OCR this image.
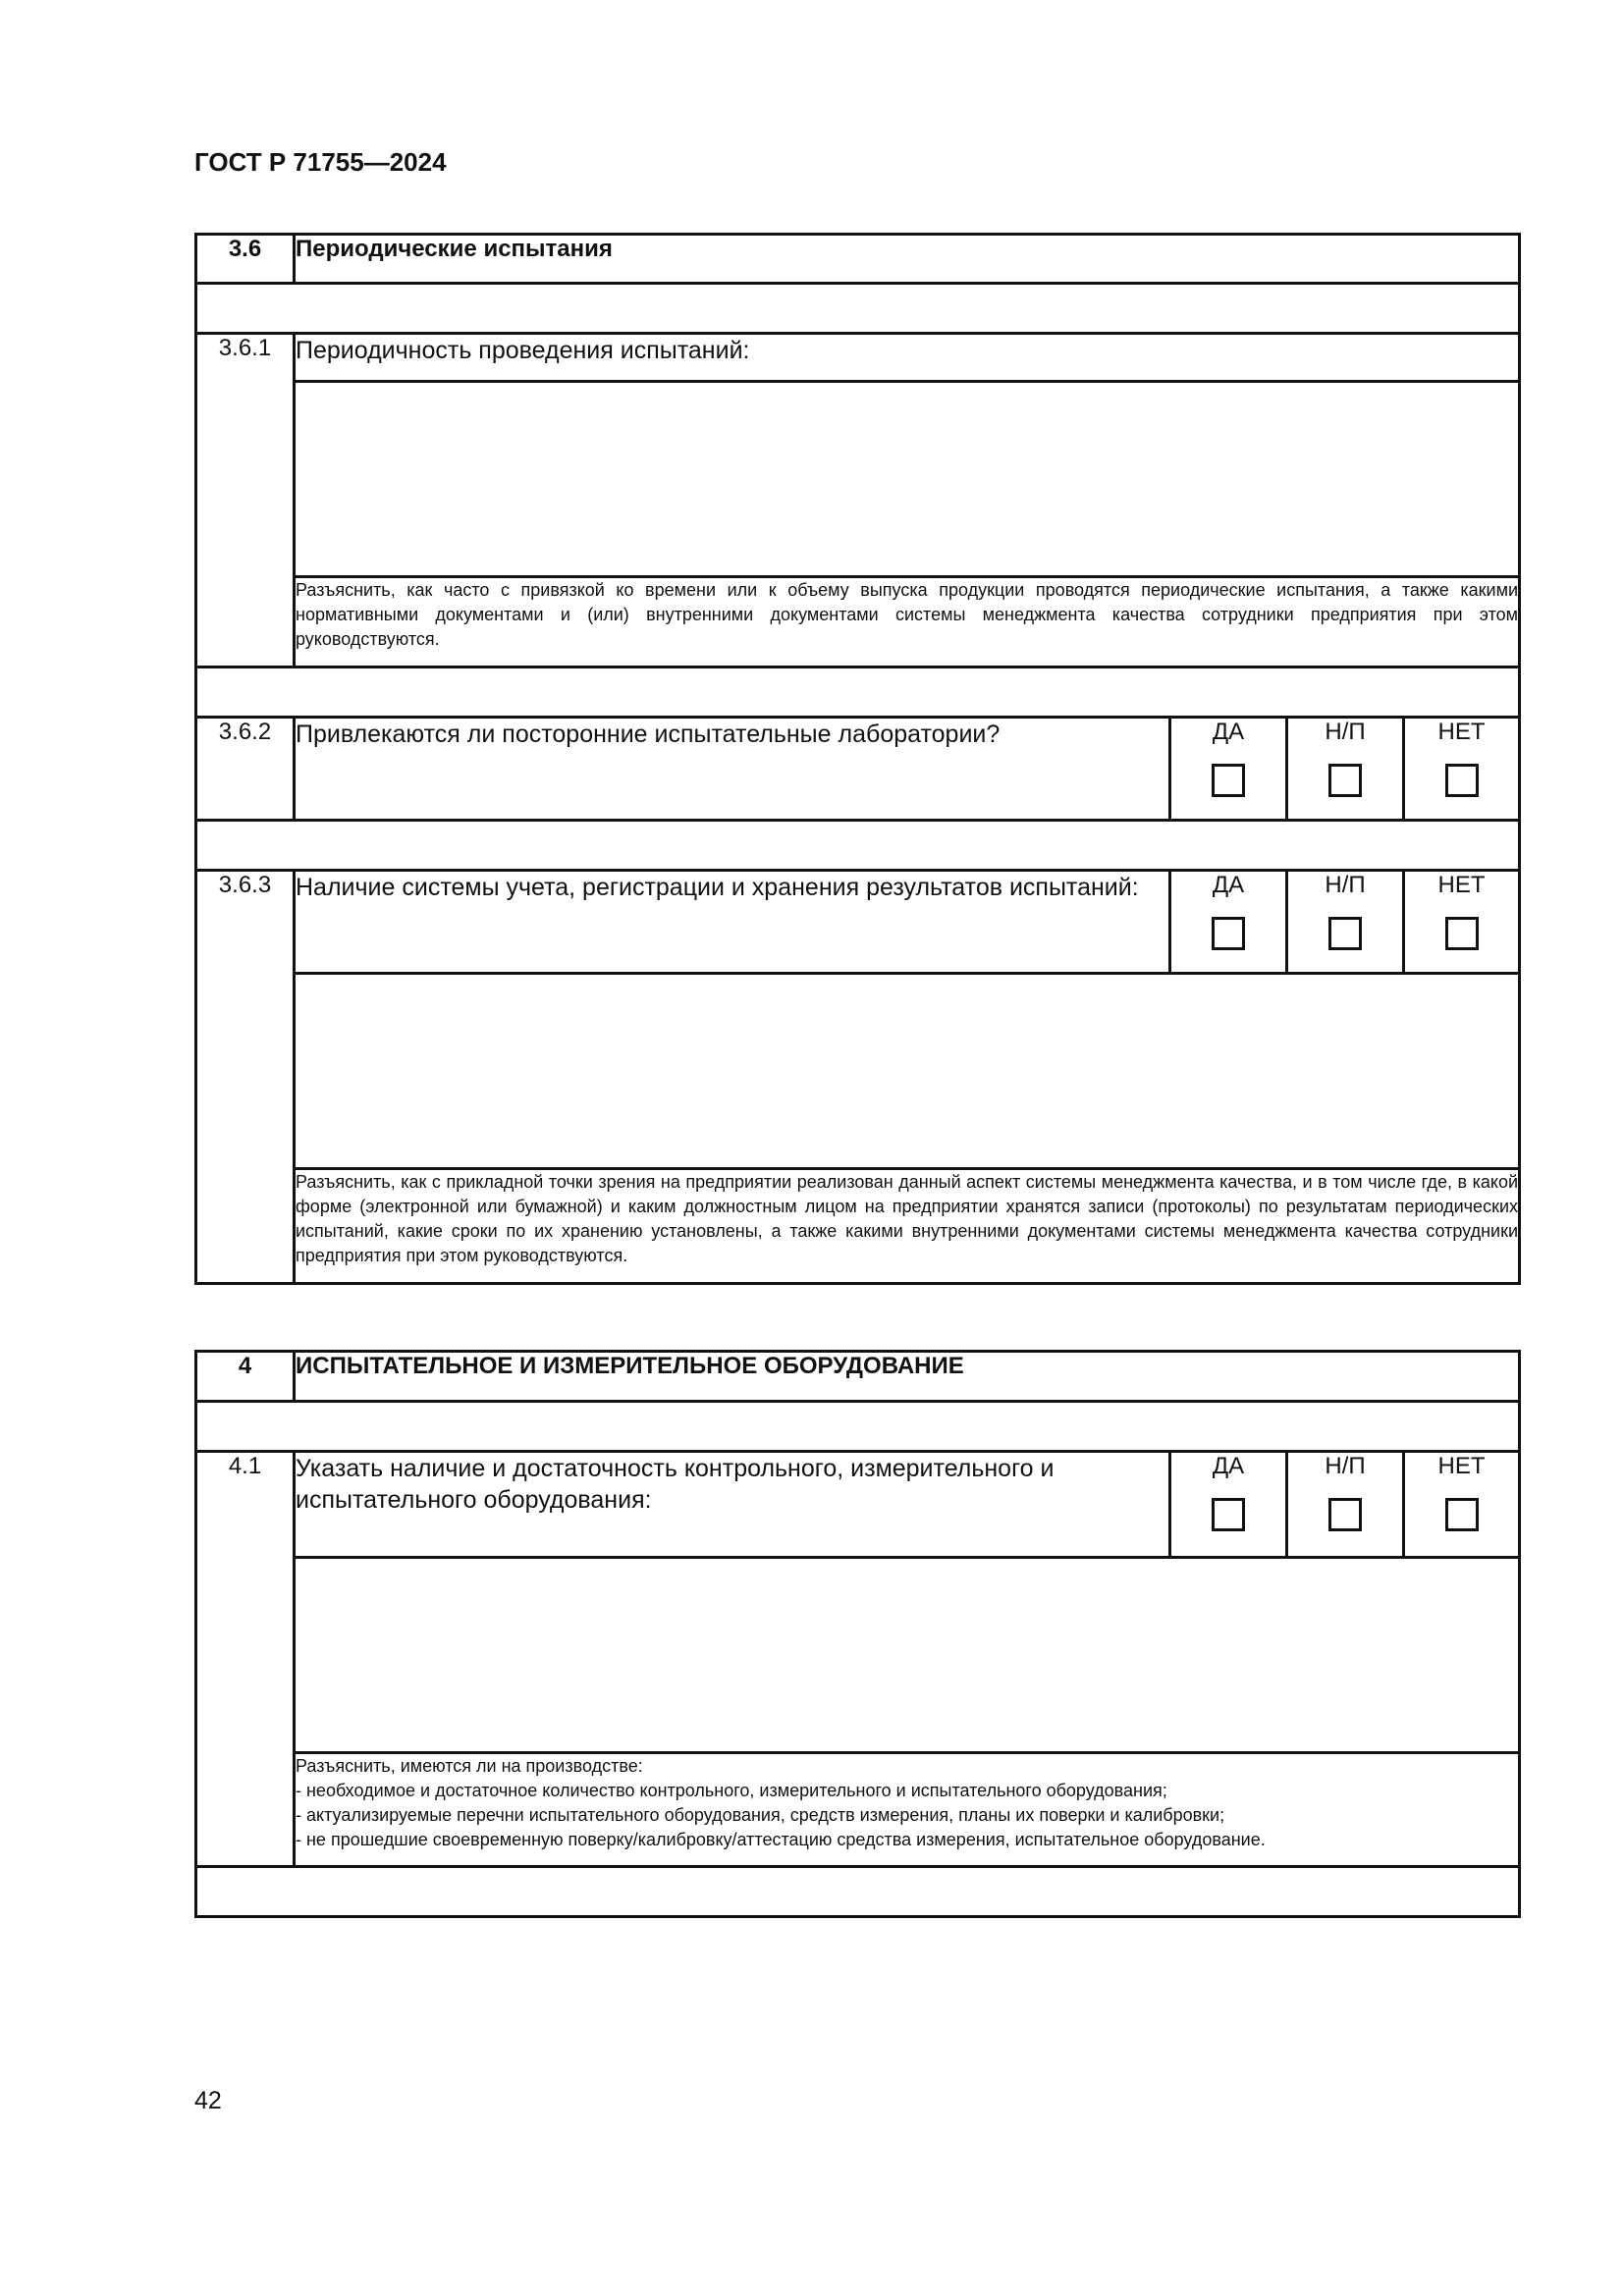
ГОСТ Р 71755—2024
3.6	Периодические испытания			

3.6.1	Периодичность проведения испытаний:			

	Разъяснить, как часто с привязкой ко времени или к объему выпуска продукции проводятся периодические испытания, а также какими нормативными документами и (или) внутренними документами системы менеджмента качества сотрудники предприятия при этом руководствуются.			

3.6.2	Привлекаются ли посторонние испытательные лаборатории?	ДА	Н/П	НЕТ

3.6.3	Наличие системы учета, регистрации и хранения результатов испытаний:	ДА	Н/П	НЕТ

	Разъяснить, как с прикладной точки зрения на предприятии реализован данный аспект системы менеджмента качества, и в том числе где, в какой форме (электронной или бумажной) и каким должностным лицом на предприятии хранятся записи (протоколы) по результатам периодических испытаний, какие сроки по их хранению установлены, а также какими внутренними документами системы менеджмента качества сотрудники предприятия при этом руководствуются.			
4	ИСПЫТАТЕЛЬНОЕ И ИЗМЕРИТЕЛЬНОЕ ОБОРУДОВАНИЕ			

4.1	Указать наличие и достаточность контрольного, измерительного и испытательного оборудования:	ДА	Н/П	НЕТ

	Разъяснить, имеются ли на производстве:
- необходимое и достаточное количество контрольного, измерительного и испытательного оборудования;
- актуализируемые перечни испытательного оборудования, средств измерения, планы их поверки и калибровки;
- не прошедшие своевременную поверку/калибровку/аттестацию средства измерения, испытательное оборудование.			

42
